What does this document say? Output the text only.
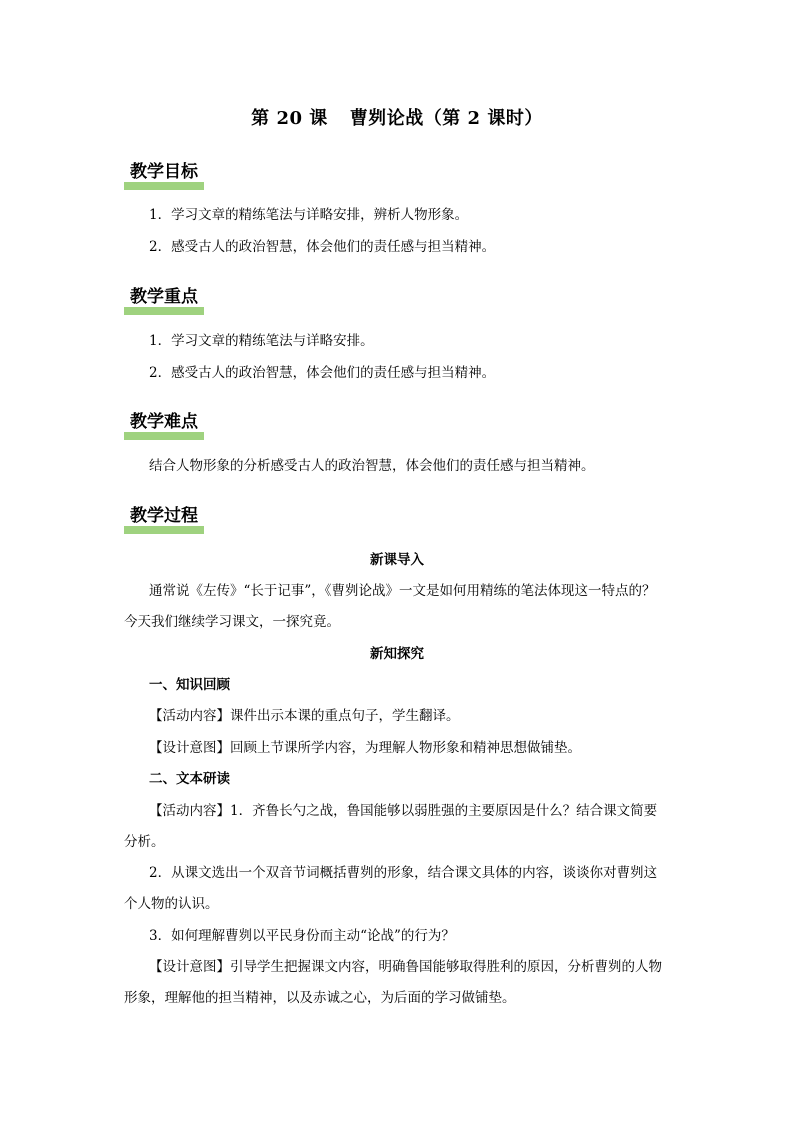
第 20 课 曹刿论战（第 2 课时）
教学目标
1．学习文章的精练笔法与详略安排，辨析人物形象。
2．感受古人的政治智慧，体会他们的责任感与担当精神。
教学重点
1．学习文章的精练笔法与详略安排。
2．感受古人的政治智慧，体会他们的责任感与担当精神。
教学难点
结合人物形象的分析感受古人的政治智慧，体会他们的责任感与担当精神。
教学过程
新课导入
通常说《左传》“长于记事”，《曹刿论战》一文是如何用精练的笔法体现这一特点的？
今天我们继续学习课文，一探究竟。
新知探究
一、知识回顾
【活动内容】课件出示本课的重点句子，学生翻译。
【设计意图】回顾上节课所学内容，为理解人物形象和精神思想做铺垫。
二、文本研读
【活动内容】1．齐鲁长勺之战，鲁国能够以弱胜强的主要原因是什么？结合课文简要
分析。
2．从课文选出一个双音节词概括曹刿的形象，结合课文具体的内容，谈谈你对曹刿这
个人物的认识。
3．如何理解曹刿以平民身份而主动“论战”的行为？
【设计意图】引导学生把握课文内容，明确鲁国能够取得胜利的原因，分析曹刿的人物
形象，理解他的担当精神，以及赤诚之心，为后面的学习做铺垫。
